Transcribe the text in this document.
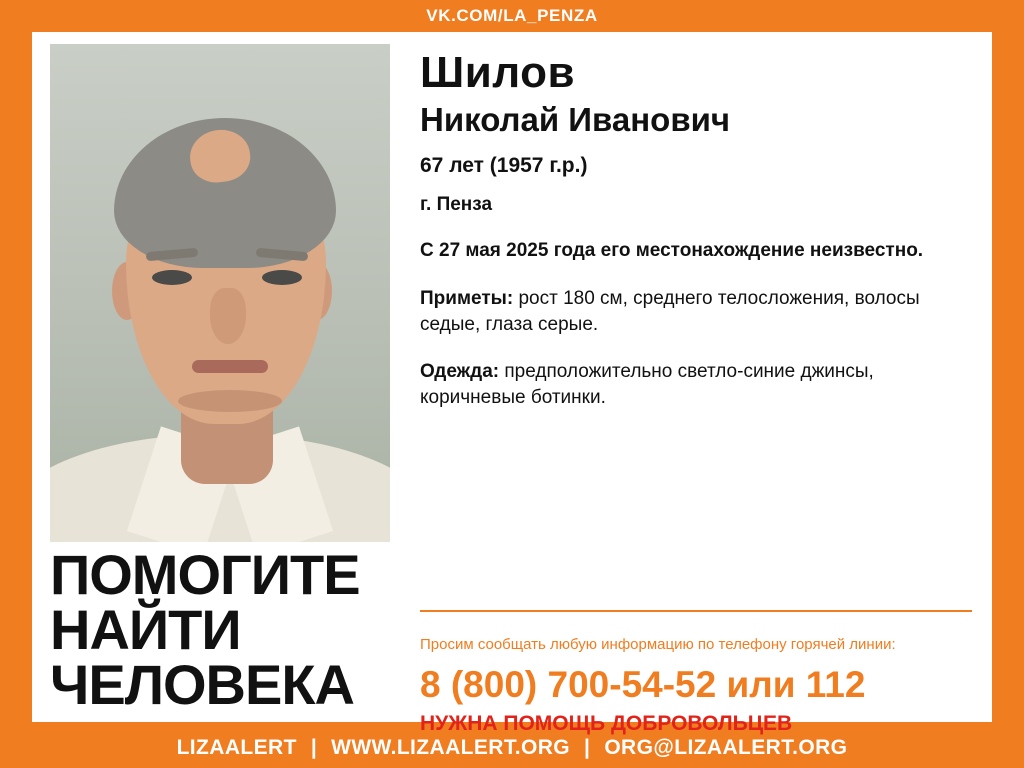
VK.COM/LA_PENZA
ПОМОГИТЕ
НАЙТИ
ЧЕЛОВЕКА
Шилов
Николай Иванович
67 лет (1957 г.р.)
г. Пенза
С 27 мая 2025 года его местонахождение неизвестно.
Приметы: рост 180 см, среднего телосложения, волосы седые, глаза серые.
Одежда: предположительно светло-синие джинсы, коричневые ботинки.
Просим сообщать любую информацию по телефону горячей линии:
8 (800) 700-54-52 или 112
НУЖНА ПОМОЩЬ ДОБРОВОЛЬЦЕВ
LIZAALERT | WWW.LIZAALERT.ORG | ORG@LIZAALERT.ORG
